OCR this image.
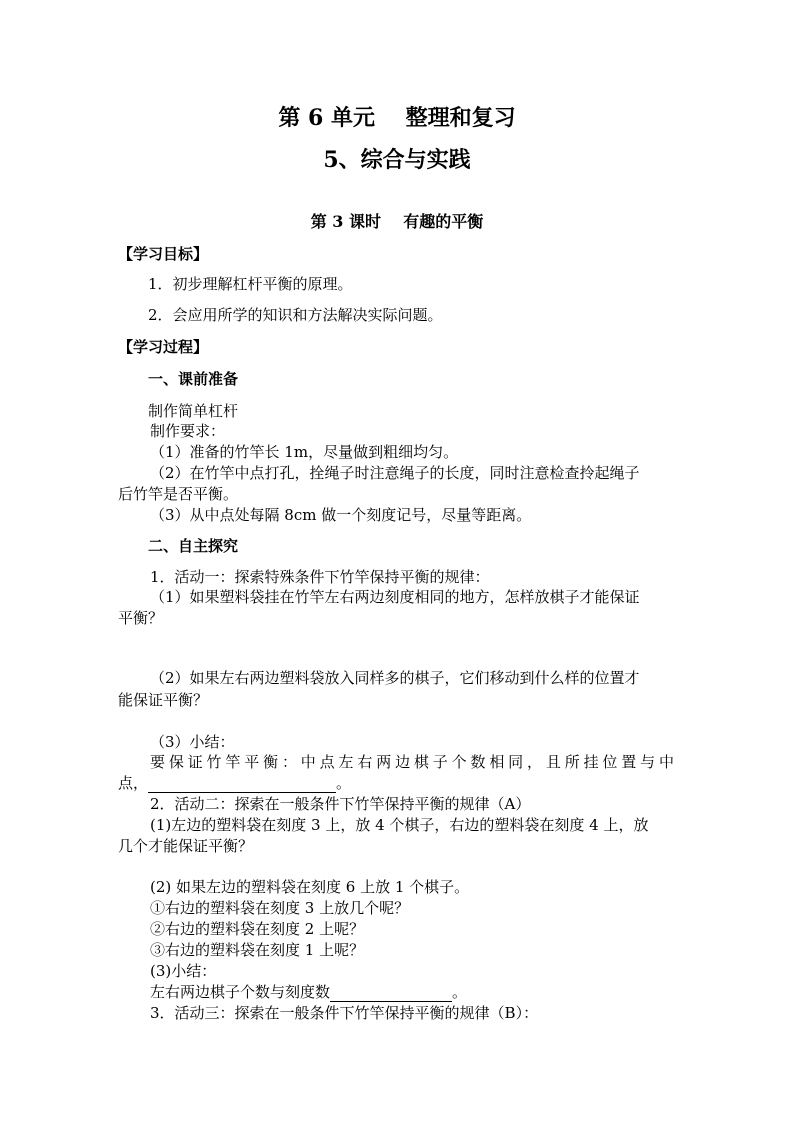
第 6 单元    整理和复习
5、综合与实践
第 3 课时    有趣的平衡
【学习目标】
1．初步理解杠杆平衡的原理。
2．会应用所学的知识和方法解决实际问题。
【学习过程】
一、课前准备
制作简单杠杆
制作要求：
（1）准备的竹竿长 1m，尽量做到粗细均匀。
（2）在竹竿中点打孔，拴绳子时注意绳子的长度，同时注意检查拎起绳子
后竹竿是否平衡。
（3）从中点处每隔 8cm 做一个刻度记号，尽量等距离。
二、自主探究
1．活动一：探索特殊条件下竹竿保持平衡的规律：
（1）如果塑料袋挂在竹竿左右两边刻度相同的地方，怎样放棋子才能保证
平衡？
（2）如果左右两边塑料袋放入同样多的棋子，它们移动到什么样的位置才
能保证平衡？
（3）小结：
要保证竹竿平衡：中点左右两边棋子个数相同，且所挂位置与中
点，	。
2．活动二：探索在一般条件下竹竿保持平衡的规律（A）
(1)左边的塑料袋在刻度 3 上，放 4 个棋子，右边的塑料袋在刻度 4 上，放
几个才能保证平衡？
(2) 如果左边的塑料袋在刻度 6 上放 1 个棋子。
①右边的塑料袋在刻度 3 上放几个呢？
②右边的塑料袋在刻度 2 上呢？
③右边的塑料袋在刻度 1 上呢？
(3)小结：
左右两边棋子个数与刻度数	。
3．活动三：探索在一般条件下竹竿保持平衡的规律（B）：
